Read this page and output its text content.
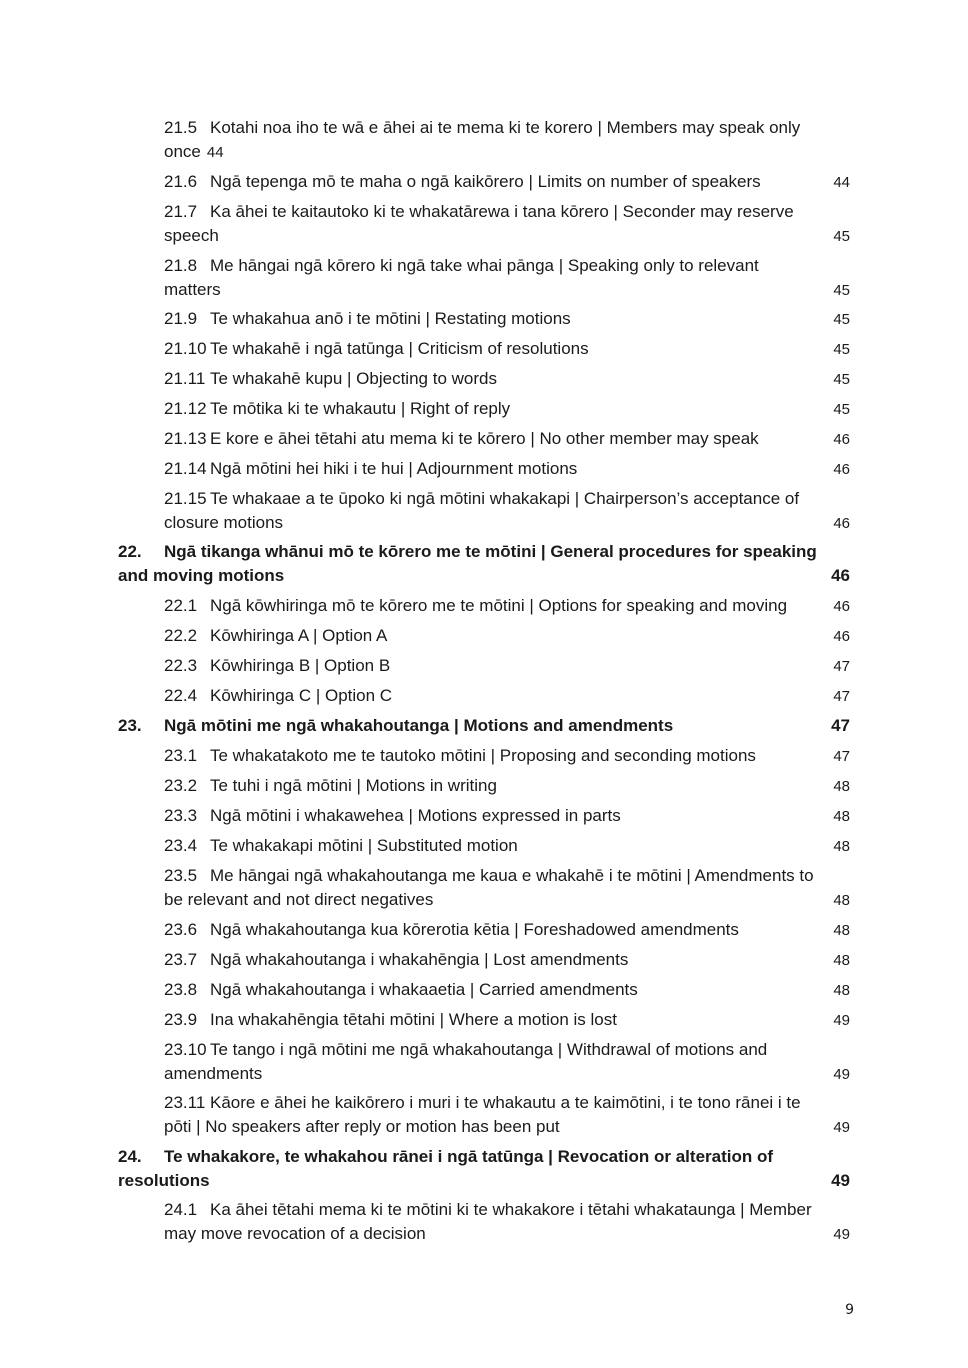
21.5 Kotahi noa iho te wā e āhei ai te mema ki te korero | Members may speak only
once 44
21.6 Ngā tepenga mō te maha o ngā kaikōrero | Limits on number of speakers	44
21.7 Ka āhei te kaitautoko ki te whakatārewa i tana kōrero | Seconder may reserve
speech	45
21.8 Me hāngai ngā kōrero ki ngā take whai pānga | Speaking only to relevant
matters	45
21.9 Te whakahua anō i te mōtini | Restating motions	45
21.10 Te whakahē i ngā tatūnga | Criticism of resolutions	45
21.11 Te whakahē kupu | Objecting to words	45
21.12 Te mōtika ki te whakautu | Right of reply	45
21.13 E kore e āhei tētahi atu mema ki te kōrero | No other member may speak	46
21.14 Ngā mōtini hei hiki i te hui | Adjournment motions	46
21.15 Te whakaae a te ūpoko ki ngā mōtini whakakapi | Chairperson’s acceptance of
closure motions	46
22. Ngā tikanga whānui mō te kōrero me te mōtini | General procedures for speaking
and moving motions	46
22.1 Ngā kōwhiringa mō te kōrero me te mōtini | Options for speaking and moving	46
22.2 Kōwhiringa A | Option A	46
22.3 Kōwhiringa B | Option B	47
22.4 Kōwhiringa C | Option C	47
23. Ngā mōtini me ngā whakahoutanga | Motions and amendments	47
23.1 Te whakatakoto me te tautoko mōtini | Proposing and seconding motions	47
23.2 Te tuhi i ngā mōtini | Motions in writing	48
23.3 Ngā mōtini i whakawehea | Motions expressed in parts	48
23.4 Te whakakapi mōtini | Substituted motion	48
23.5 Me hāngai ngā whakahoutanga me kaua e whakahē i te mōtini | Amendments to
be relevant and not direct negatives	48
23.6 Ngā whakahoutanga kua kōrerotia kētia | Foreshadowed amendments	48
23.7 Ngā whakahoutanga i whakahēngia | Lost amendments	48
23.8 Ngā whakahoutanga i whakaaetia | Carried amendments	48
23.9 Ina whakahēngia tētahi mōtini | Where a motion is lost	49
23.10 Te tango i ngā mōtini me ngā whakahoutanga | Withdrawal of motions and
amendments	49
23.11 Kāore e āhei he kaikōrero i muri i te whakautu a te kaimōtini, i te tono rānei i te
pōti | No speakers after reply or motion has been put	49
24. Te whakakore, te whakahou rānei i ngā tatūnga | Revocation or alteration of
resolutions	49
24.1 Ka āhei tētahi mema ki te mōtini ki te whakakore i tētahi whakataunga | Member
may move revocation of a decision	49
9
